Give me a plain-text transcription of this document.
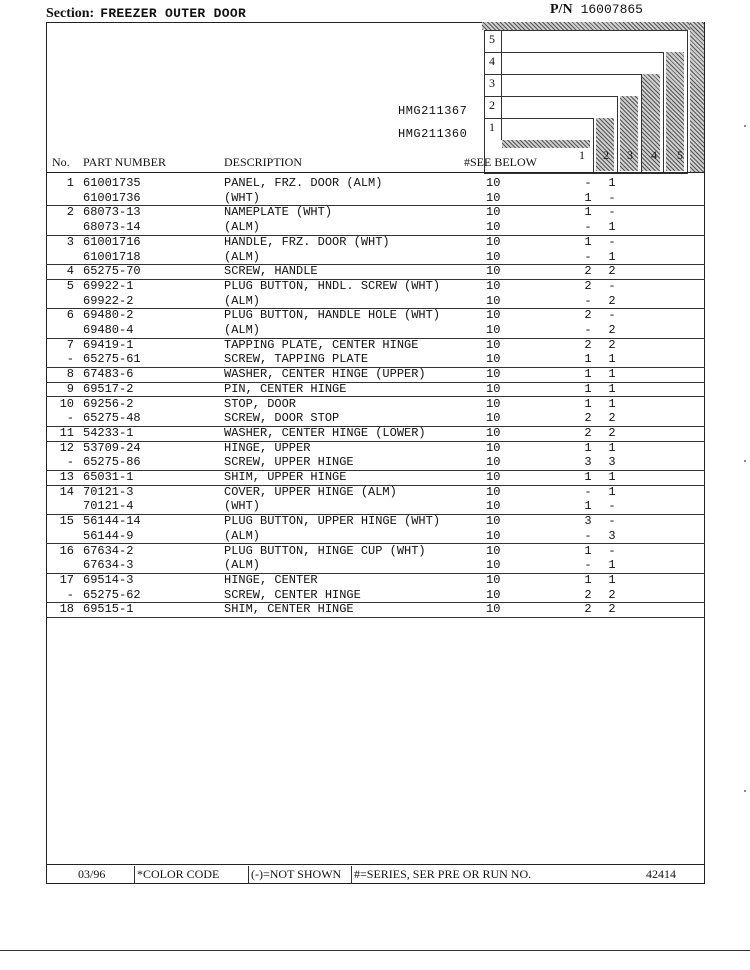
Section: FREEZER OUTER DOOR	P/N 16007865
5
4
3
2
1
1	2	3	4	5
HMG211367
HMG211360
No. PART NUMBER	DESCRIPTION	#SEE BELOW
1 61001735	PANEL, FRZ. DOOR (ALM)	10	-	1
61001736	(WHT)	10	1	-
2 68073-13	NAMEPLATE (WHT)	10	1	-
68073-14	(ALM)	10	-	1
3 61001716	HANDLE, FRZ. DOOR (WHT)	10	1	-
61001718	(ALM)	10	-	1
4 65275-70	SCREW, HANDLE	10	2	2
5 69922-1	PLUG BUTTON, HNDL. SCREW (WHT)	10	2	-
69922-2	(ALM)	10	-	2
6 69480-2	PLUG BUTTON, HANDLE HOLE (WHT)	10	2	-
69480-4	(ALM)	10	-	2
7 69419-1	TAPPING PLATE, CENTER HINGE	10	2	2
- 65275-61	SCREW, TAPPING PLATE	10	1	1
8 67483-6	WASHER, CENTER HINGE (UPPER)	10	1	1
9 69517-2	PIN, CENTER HINGE	10	1	1
10 69256-2	STOP, DOOR	10	1	1
- 65275-48	SCREW, DOOR STOP	10	2	2
11 54233-1	WASHER, CENTER HINGE (LOWER)	10	2	2
12 53709-24	HINGE, UPPER	10	1	1
- 65275-86	SCREW, UPPER HINGE	10	3	3
13 65031-1	SHIM, UPPER HINGE	10	1	1
14 70121-3	COVER, UPPER HINGE (ALM)	10	-	1
70121-4	(WHT)	10	1	-
15 56144-14	PLUG BUTTON, UPPER HINGE (WHT)	10	3	-
56144-9	(ALM)	10	-	3
16 67634-2	PLUG BUTTON, HINGE CUP (WHT)	10	1	-
67634-3	(ALM)	10	-	1
17 69514-3	HINGE, CENTER	10	1	1
- 65275-62	SCREW, CENTER HINGE	10	2	2
18 69515-1	SHIM, CENTER HINGE	10	2	2
03/96	*COLOR CODE	(-)=NOT SHOWN #=SERIES, SER PRE OR RUN NO.	42414
